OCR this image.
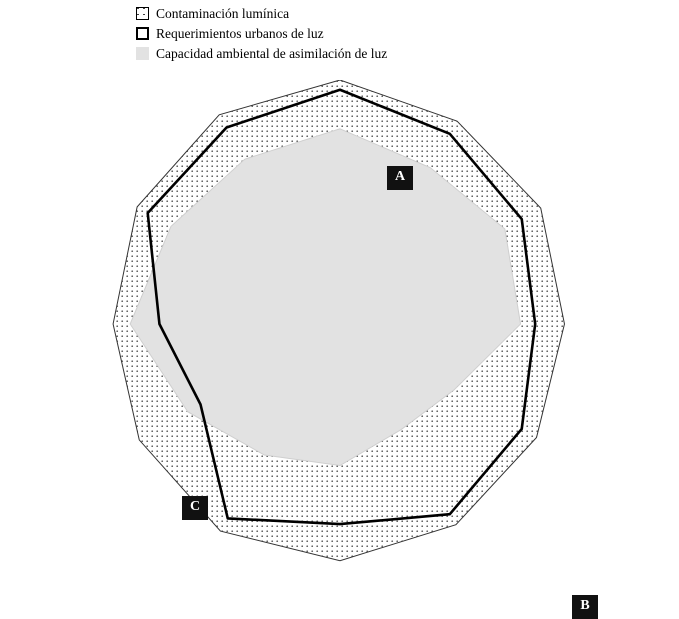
Contaminación lumínica
Requerimientos urbanos de luz
Capacidad ambiental de asimilación de luz
A
C
B
